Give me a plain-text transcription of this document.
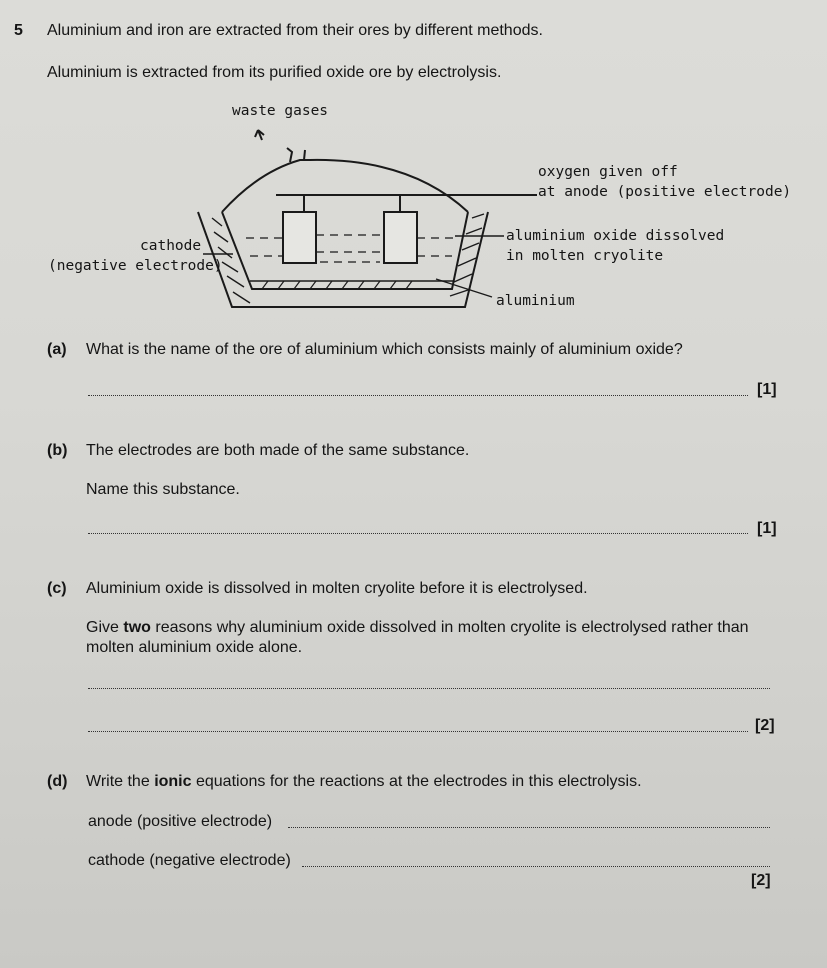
5 Aluminium and iron are extracted from their ores by different methods.
Aluminium is extracted from its purified oxide ore by electrolysis.
waste gases
oxygen given off
at anode (positive electrode)
cathode
(negative electrode)
aluminium oxide dissolved
in molten cryolite
aluminium
(a) What is the name of the ore of aluminium which consists mainly of aluminium oxide?
[1]
(b) The electrodes are both made of the same substance.
Name this substance.
[1]
(c) Aluminium oxide is dissolved in molten cryolite before it is electrolysed.
Give two reasons why aluminium oxide dissolved in molten cryolite is electrolysed rather than
molten aluminium oxide alone.
[2]
(d) Write the ionic equations for the reactions at the electrodes in this electrolysis.
anode (positive electrode)
cathode (negative electrode)
[2]
